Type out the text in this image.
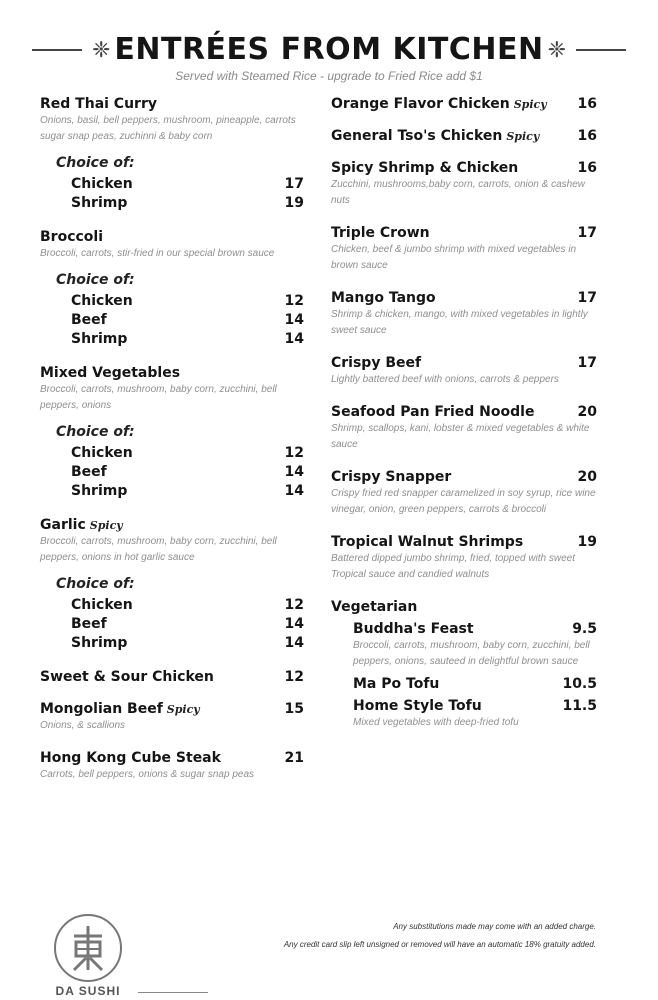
❈ ENTRÉES FROM KITCHEN ❈
Served with Steamed Rice - upgrade to Fried Rice add $1
Red Thai Curry
Onions, basil, bell peppers, mushroom, pineapple, carrots sugar snap peas, zuchinni & baby corn
Choice of:
Chicken	17
Shrimp	19
Broccoli
Broccoli, carrots, stir-fried in our special brown sauce
Choice of:
Chicken	12
Beef	14
Shrimp	14
Mixed Vegetables
Broccoli, carrots, mushroom, baby corn, zucchini, bell peppers, onions
Choice of:
Chicken	12
Beef	14
Shrimp	14
Garlic Spicy
Broccoli, carrots, mushroom, baby corn, zucchini, bell peppers, onions in hot garlic sauce
Choice of:
Chicken	12
Beef	14
Shrimp	14
Sweet & Sour Chicken	12
Mongolian Beef Spicy	15
Onions, & scallions
Hong Kong Cube Steak	21
Carrots, bell peppers, onions & sugar snap peas
Orange Flavor Chicken Spicy 16
General Tso's Chicken Spicy	16
Spicy Shrimp & Chicken	16
Zucchini, mushrooms,baby corn, carrots, onion & cashew nuts
Triple Crown	17
Chicken, beef & jumbo shrimp with mixed vegetables in brown sauce
Mango Tango	17
Shrimp & chicken, mango, with mixed vegetables in lightly sweet sauce
Crispy Beef	17
Lightly battered beef with onions, carrots & peppers
Seafood Pan Fried Noodle	20
Shrimp, scallops, kani, lobster & mixed vegetables & white sauce
Crispy Snapper	20
Crispy fried red snapper caramelized in soy syrup, rice wine vinegar, onion, green peppers, carrots & broccoli
Tropical Walnut Shrimps	19
Battered dipped jumbo shrimp, fried, topped with sweet Tropical sauce and candied walnuts
Vegetarian
Buddha's Feast	9.5
Broccoli, carrots, mushroom, baby corn, zucchini, bell peppers, onions, sauteed in delightful brown sauce
Ma Po Tofu	10.5
Home Style Tofu	11.5
Mixed vegetables with deep-fried tofu
Any substitutions made may come with an added charge.
Any credit card slip left unsigned or removed will have an automatic 18% gratuity added.
DA SUSHI
